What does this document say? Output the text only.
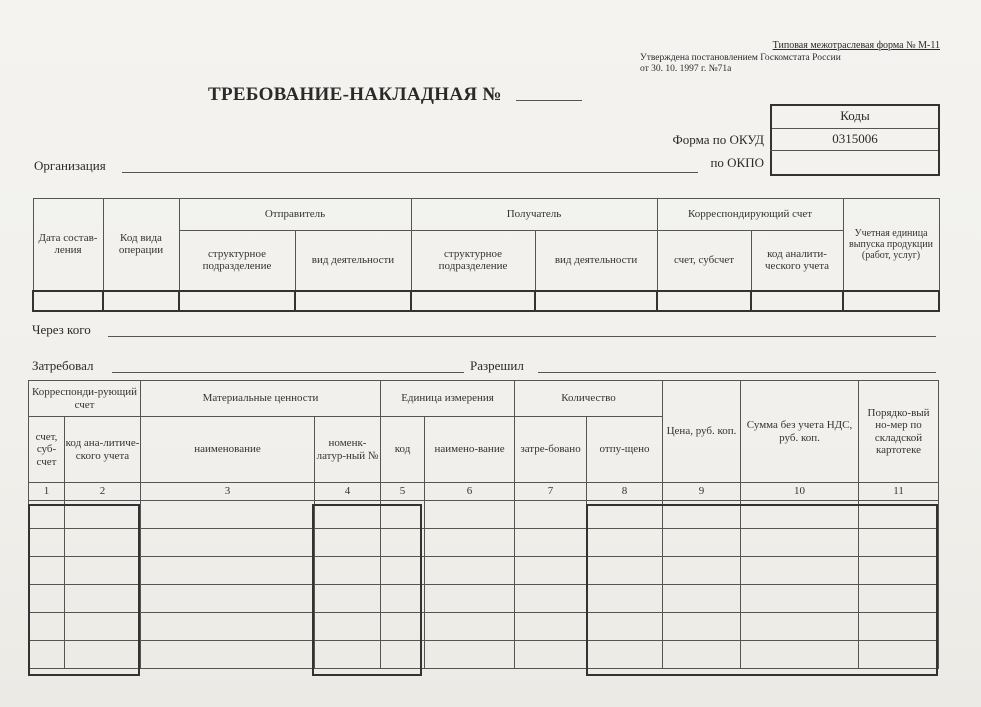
Типовая межотраслевая форма № М-11
Утверждена постановлением Госкомстата России
от 30. 10. 1997 г. №71а
ТРЕБОВАНИЕ-НАКЛАДНАЯ №
Коды
Форма по ОКУД	0315006
по ОКПО
Организация
Дата состав-ления	Код вида операции	Отправитель		Получатель		Корреспондирующий счет		Учетная единица выпуска продукции (работ, услуг)
		структурное подразделение	вид деятельности	структурное подразделение	вид деятельности	счет, субсчет	код аналити-ческого учета	

Через кого
Затребовал	Разрешил
Корреспонди-рующий счет		Материальные ценности		Единица измерения		Количество		Цена, руб. коп.	Сумма без учета НДС, руб. коп.	Порядко-вый но-мер по складской картотеке
счет, суб-счет	код ана-литиче-ского учета	наименование	номенк-латур-ный №	код	наимено-вание	затре-бовано	отпу-щено			
1	2	3	4	5	6	7	8	9	10	11
